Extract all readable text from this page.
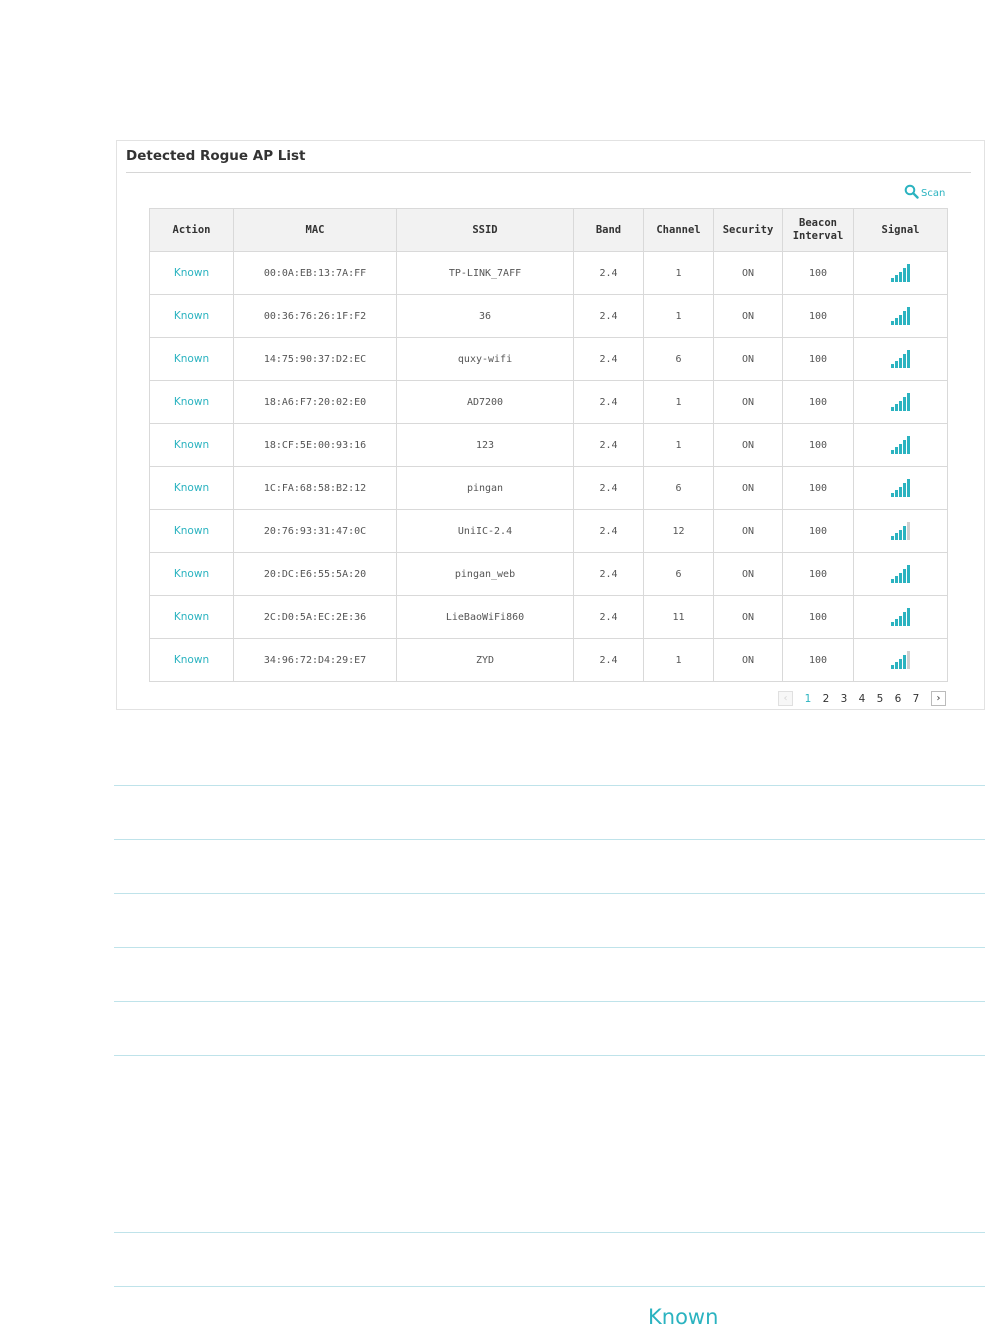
Detected Rogue AP List
Scan
Action	MAC	SSID	Band	Channel	Security	Beacon Interval	Signal
Known	00:0A:EB:13:7A:FF	TP-LINK_7AFF	2.4	1	ON	100	

Known	00:36:76:26:1F:F2	36	2.4	1	ON	100	

Known	14:75:90:37:D2:EC	quxy-wifi	2.4	6	ON	100	

Known	18:A6:F7:20:02:E0	AD7200	2.4	1	ON	100	

Known	18:CF:5E:00:93:16	123	2.4	1	ON	100	

Known	1C:FA:68:58:B2:12	pingan	2.4	6	ON	100	

Known	20:76:93:31:47:0C	UniIC-2.4	2.4	12	ON	100	

Known	20:DC:E6:55:5A:20	pingan_web	2.4	6	ON	100	

Known	2C:D0:5A:EC:2E:36	LieBaoWiFi860	2.4	11	ON	100	

Known	34:96:72:D4:29:E7	ZYD	2.4	1	ON	100	
‹	1	2	3	4	5	6	7	›
Known
